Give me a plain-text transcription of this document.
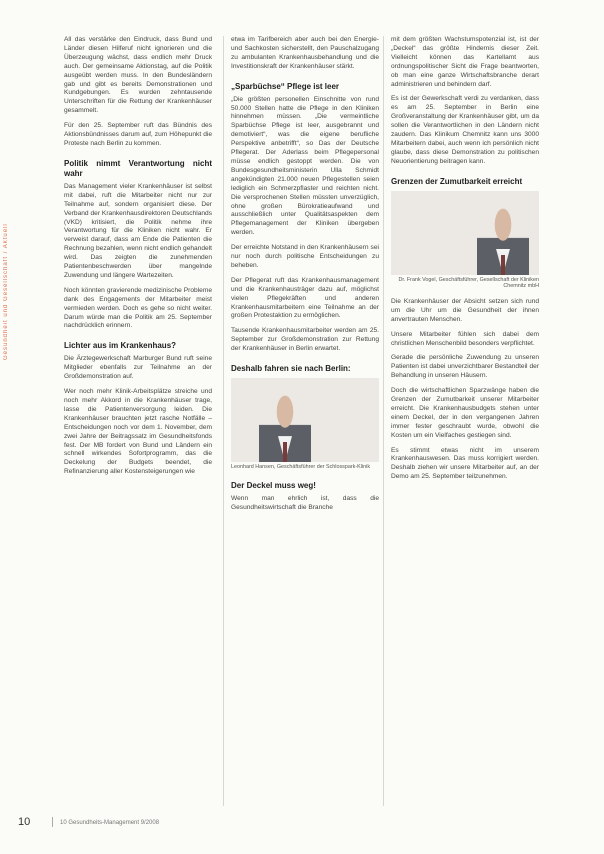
Gesundheit und Gesellschaft / Aktuell

All das verstärke den Eindruck, dass Bund und Länder diesen Hilferuf nicht ignorieren und die Überzeugung wächst, dass endlich mehr Druck auch. Der gemeinsame Aktionstag, auf die Politik ausgeübt werden muss. In den Bundesländern gab und gibt es bereits Demonstrationen und Kundgebungen. Es wurden zehntausende Unterschriften für die Rettung der Krankenhäuser gesammelt.

Für den 25. September ruft das Bündnis des Aktionsbündnisses darum auf, zum Höhepunkt die Proteste nach Berlin zu kommen.

Politik nimmt Verantwortung nicht wahr

Das Management vieler Krankenhäuser ist selbst mit dabei, ruft die Mitarbeiter nicht nur zur Teilnahme auf, sondern organisiert diese. Der Verband der Krankenhausdirektoren Deutschlands (VKD) kritisiert, die Politik nehme ihre Verantwortung für die Kliniken nicht wahr. Er verweist darauf, dass am Ende die Patienten die Rechnung bezahlen, wenn nicht endlich gehandelt wird. Das zeigten die zunehmenden Patientenbeschwerden über mangelnde Zuwendung und längere Wartezeiten.

Noch könnten gravierende medizinische Probleme dank des Engagements der Mitarbeiter meist vermieden werden. Doch es gehe so nicht weiter. Darum würde man die Politik am 25. September nachdrücklich erinnern.

Lichter aus im Krankenhaus?

Die Ärztegewerkschaft Marburger Bund ruft seine Mitglieder ebenfalls zur Teilnahme an der Großdemonstration auf.

Wer noch mehr Klinik-Arbeitsplätze streiche und noch mehr Akkord in die Krankenhäuser trage, lasse die Patientenversorgung leiden. Die Krankenhäuser brauchten jetzt rasche Notfälle – Entscheidungen noch vor dem 1. November, dem zwei Jahre der Beitragssatz im Gesundheitsfonds fest. Der MB fordert von Bund und Ländern ein schnell wirkendes Sofortprogramm, das die Deckelung der Budgets beendet, die Refinanzierung aller Kostensteigerungen wie

etwa im Tarifbereich aber auch bei den Energie- und Sachkosten sicherstellt, den Pauschalzugang zu ambulanten Krankenhausbehandlung und die Investitionskraft der Krankenhäuser stärkt.

„Sparbüchse“ Pflege ist leer

„Die größten personellen Einschnitte von rund 50.000 Stellen hatte die Pflege in den Kliniken hinnehmen müssen. „Die vermeintliche Sparbüchse Pflege ist leer, ausgebrannt und demotiviert“, was die eigene berufliche Perspektive anbetrifft“, so Das der Deutsche Pflegerat. Der Aderlass beim Pflegepersonal müsse endlich gestoppt werden. Die von Bundesgesundheitsministerin Ulla Schmidt angekündigten 21.000 neuen Pflegestellen seien lediglich ein Schmerzpflaster und reichten nicht. Die versprochenen Stellen müssten unverzüglich, ohne großen Bürokratieaufwand und ausschließlich unter Qualitätsaspekten dem Pflegemanagement der Kliniken übergeben werden.

Der erreichte Notstand in den Krankenhäusern sei nur noch durch politische Entscheidungen zu beheben.

Der Pflegerat ruft das Krankenhausmanagement und die Krankenhausträger dazu auf, möglichst vielen Pflegekräften und anderen Krankenhausmitarbeitern eine Teilnahme an der großen Protestaktion zu ermöglichen.

Tausende Krankenhausmitarbeiter werden am 25. September zur Großdemonstration zur Rettung der Krankenhäuser in Berlin erwartet.

Deshalb fahren sie nach Berlin:
Leonhard Hansen, Geschäftsführer der Schlosspark-Klinik
Der Deckel muss weg!

Wenn man ehrlich ist, dass die Gesundheitswirtschaft die Branche

mit dem größten Wachstumspotenzial ist, ist der „Deckel“ das größte Hindernis dieser Zeit. Vielleicht können das Kartellamt aus ordnungspolitischer Sicht die Frage beantworten, ob man eine ganze Wirtschaftsbranche derart administrieren und behindern darf.

Es ist der Gewerkschaft verdi zu verdanken, dass es am 25. September in Berlin eine Großveranstaltung der Krankenhäuser gibt, um da sollen die Verantwortlichen in den Ländern nicht zaudern. Das Klinikum Chemnitz kann uns 3000 Mitarbeitern dabei, auch wenn ich persönlich nicht glaube, dass diese Demonstration zu politischen Neuorientierung beitragen kann.

Grenzen der Zumutbarkeit erreicht
Dr. Frank Vogel, Geschäftsführer, Gesellschaft der Kliniken Chemnitz mbH

Die Krankenhäuser der Absicht setzen sich rund um die Uhr um die Gesundheit der ihnen anvertrauten Menschen.

Unsere Mitarbeiter fühlen sich dabei dem christlichen Menschenbild besonders verpflichtet.

Gerade die persönliche Zuwendung zu unseren Patienten ist dabei unverzichtbarer Bestandteil der Behandlung in unseren Häusern.

Doch die wirtschaftlichen Sparzwänge haben die Grenzen der Zumutbarkeit unserer Mitarbeiter erreicht. Die Krankenhausbudgets stehen unter einem Deckel, der in den vergangenen Jahren immer fester geschraubt wurde, obwohl die Kosten um ein Vielfaches gestiegen sind.

Es stimmt etwas nicht im unserem Krankenhauswesen. Das muss korrigiert werden. Deshalb ziehen wir unsere Mitarbeiter auf, an der Demo am 25. September teilzunehmen.

10	10 Gesundheits-Management 9/2008
